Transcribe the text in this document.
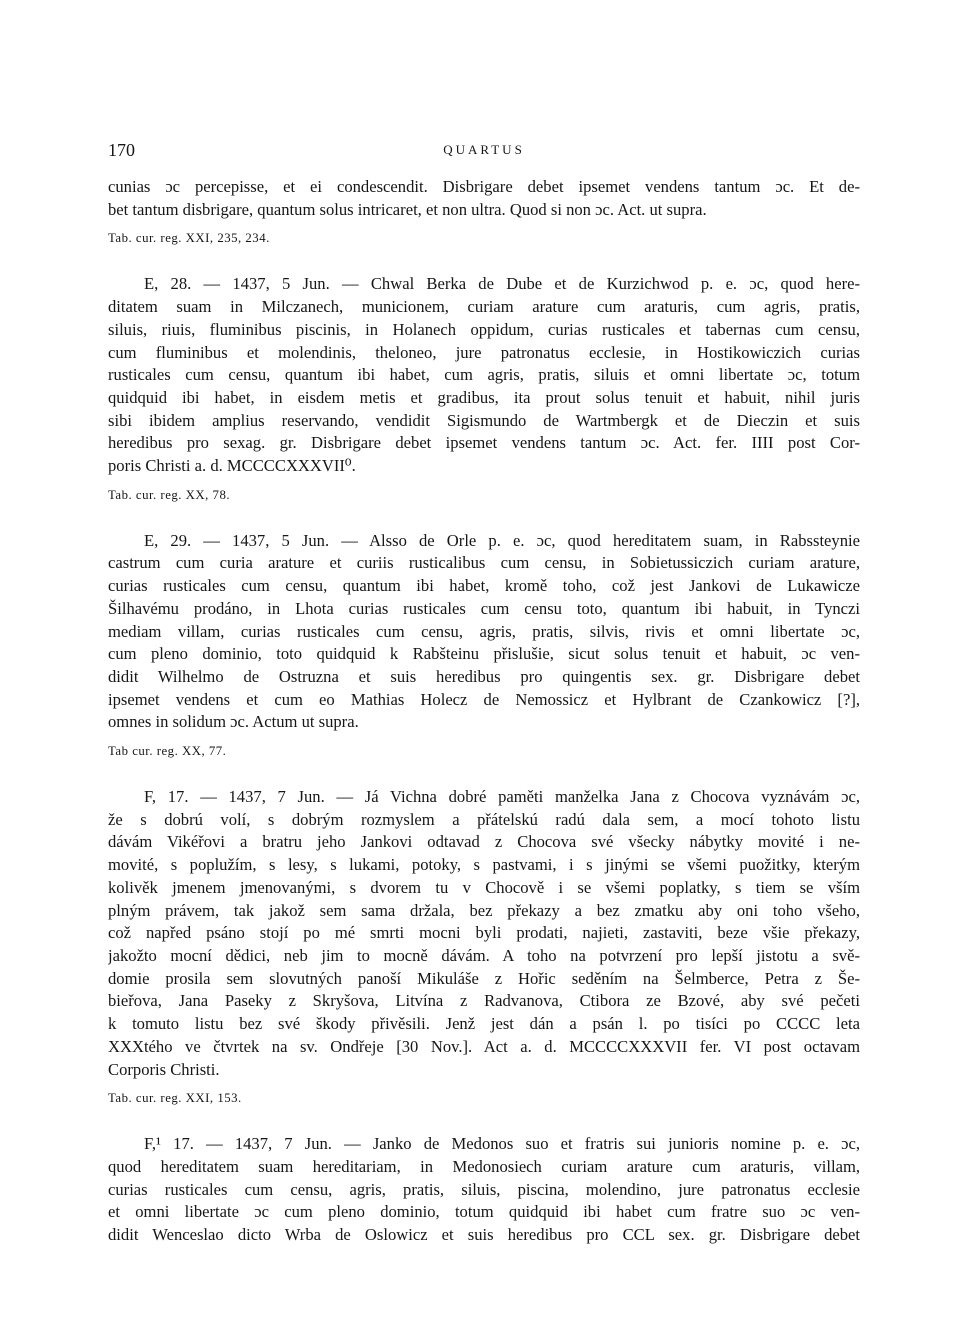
170	QUARTUS

cunias ɔc percepisse, et ei condescendit. Disbrigare debet ipsemet vendens tantum ɔc. Et de-

bet tantum disbrigare, quantum solus intricaret, et non ultra. Quod si non ɔc. Act. ut supra.

Tab. cur. reg. XXI, 235, 234.

E, 28. — 1437, 5 Jun. — Chwal Berka de Dube et de Kurzichwod p. e. ɔc, quod here-

ditatem suam in Milczanech, municionem, curiam arature cum araturis, cum agris, pratis,

siluis, riuis, fluminibus piscinis, in Holanech oppidum, curias rusticales et tabernas cum censu,

cum fluminibus et molendinis, theloneo, jure patronatus ecclesie, in Hostikowiczich curias

rusticales cum censu, quantum ibi habet, cum agris, pratis, siluis et omni libertate ɔc, totum

quidquid ibi habet, in eisdem metis et gradibus, ita prout solus tenuit et habuit, nihil juris

sibi ibidem amplius reservando, vendidit Sigismundo de Wartmbergk et de Dieczin et suis

heredibus pro sexag. gr. Disbrigare debet ipsemet vendens tantum ɔc. Act. fer. IIII post Cor-

poris Christi a. d. MCCCCXXXVII⁰.

Tab. cur. reg. XX, 78.

E, 29. — 1437, 5 Jun. — Alsso de Orle p. e. ɔc, quod hereditatem suam, in Rabssteynie

castrum cum curia arature et curiis rusticalibus cum censu, in Sobietussiczich curiam arature,

curias rusticales cum censu, quantum ibi habet, kromě toho, což jest Jankovi de Lukawicze

Šilhavému prodáno, in Lhota curias rusticales cum censu toto, quantum ibi habuit, in Tynczi

mediam villam, curias rusticales cum censu, agris, pratis, silvis, rivis et omni libertate ɔc,

cum pleno dominio, toto quidquid k Rabšteinu přislušie, sicut solus tenuit et habuit, ɔc ven-

didit Wilhelmo de Ostruzna et suis heredibus pro quingentis sex. gr. Disbrigare debet

ipsemet vendens et cum eo Mathias Holecz de Nemossicz et Hylbrant de Czankowicz [?],

omnes in solidum ɔc. Actum ut supra.

Tab cur. reg. XX, 77.

F, 17. — 1437, 7 Jun. — Já Vichna dobré paměti manželka Jana z Chocova vyznávám ɔc,

že s dobrú volí, s dobrým rozmyslem a přátelskú radú dala sem, a mocí tohoto listu

dávám Vikéřovi a bratru jeho Jankovi odtavad z Chocova své všecky nábytky movité i ne-

movité, s poplužím, s lesy, s lukami, potoky, s pastvami, i s jinými se všemi puožitky, kterým

kolivěk jmenem jmenovanými, s dvorem tu v Chocově i se všemi poplatky, s tiem se vším

plným právem, tak jakož sem sama držala, bez překazy a bez zmatku aby oni toho všeho,

což napřed psáno stojí po mé smrti mocni byli prodati, najieti, zastaviti, beze všie překazy,

jakožto mocní dědici, neb jim to mocně dávám. A toho na potvrzení pro lepší jistotu a svě-

domie prosila sem slovutných panoší Mikuláše z Hořic seděním na Šelmberce, Petra z Še-

bieřova, Jana Paseky z Skryšova, Litvína z Radvanova, Ctibora ze Bzové, aby své pečeti

k tomuto listu bez své škody přivěsili. Jenž jest dán a psán l. po tisíci po CCCC leta

XXXtého ve čtvrtek na sv. Ondřeje [30 Nov.]. Act a. d. MCCCCXXXVII fer. VI post octavam

Corporis Christi.

Tab. cur. reg. XXI, 153.

F,¹ 17. — 1437, 7 Jun. — Janko de Medonos suo et fratris sui junioris nomine p. e. ɔc,

quod hereditatem suam hereditariam, in Medonosiech curiam arature cum araturis, villam,

curias rusticales cum censu, agris, pratis, siluis, piscina, molendino, jure patronatus ecclesie

et omni libertate ɔc cum pleno dominio, totum quidquid ibi habet cum fratre suo ɔc ven-

didit Wenceslao dicto Wrba de Oslowicz et suis heredibus pro CCL sex. gr. Disbrigare debet
